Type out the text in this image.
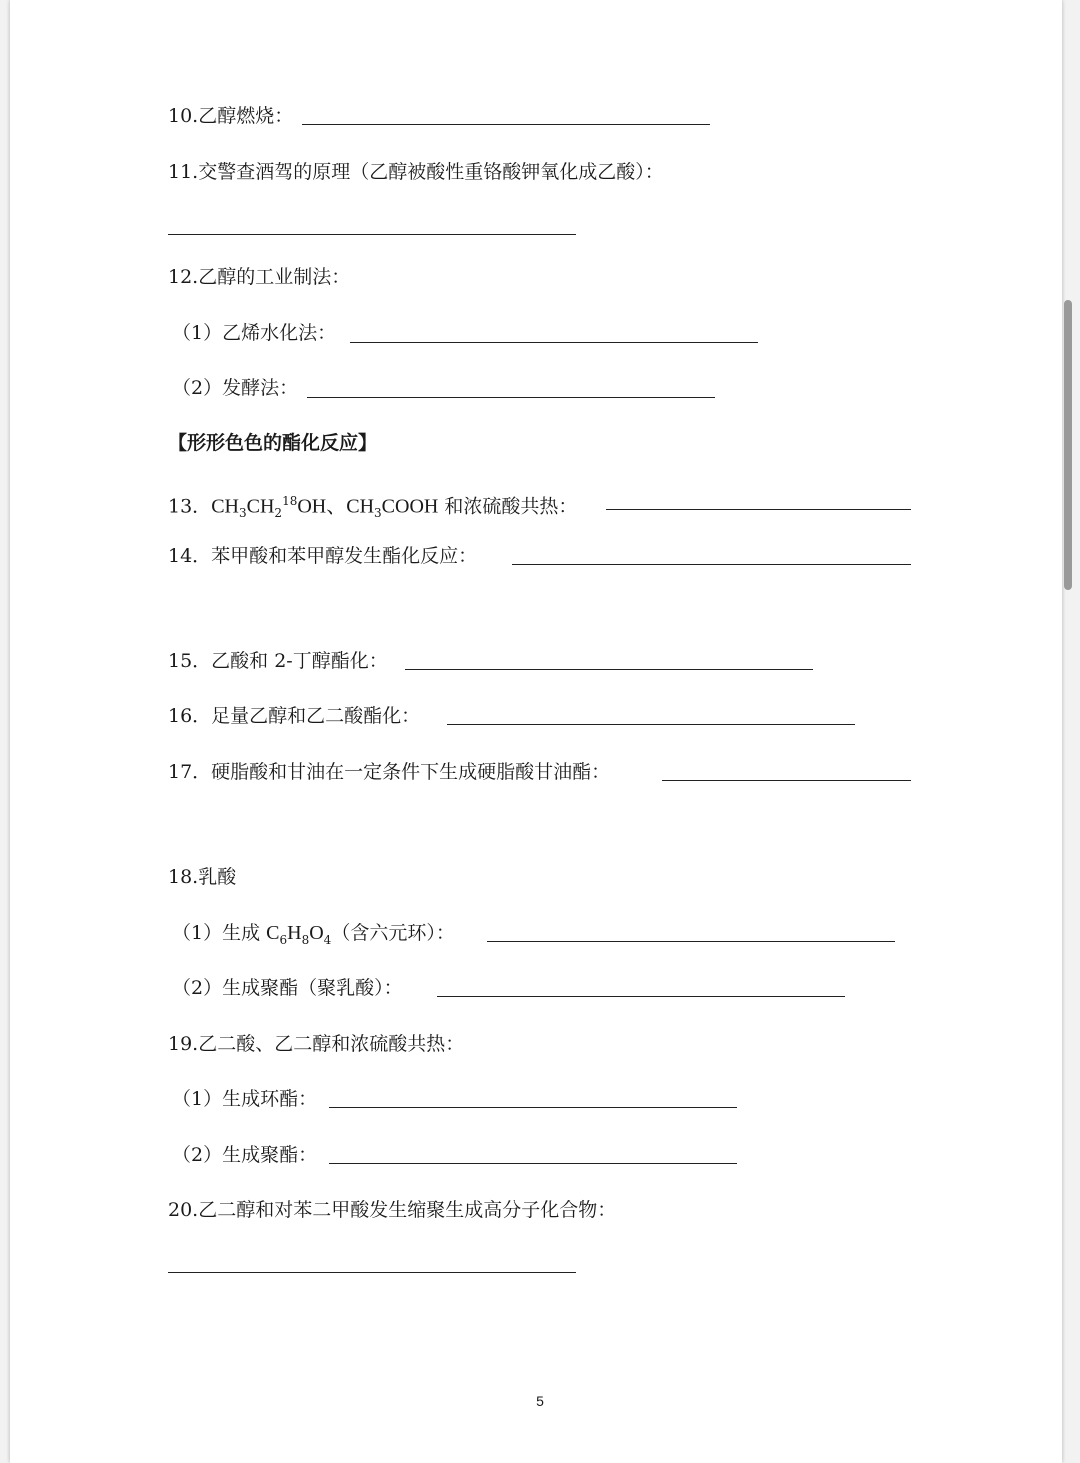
10.乙醇燃烧：
11.交警查酒驾的原理（乙醇被酸性重铬酸钾氧化成乙酸）：
12.乙醇的工业制法：
（1）乙烯水化法：
（2）发酵法：
【形形色色的酯化反应】
13．$CH_3CH_2^{18}OH$、$CH_3COOH$ 和浓硫酸共热：
14．苯甲酸和苯甲醇发生酯化反应：
15．乙酸和 2-丁醇酯化：
16．足量乙醇和乙二酸酯化：
17．硬脂酸和甘油在一定条件下生成硬脂酸甘油酯：
18.乳酸
（1）生成 $C_6H_8O_4$（含六元环）：
（2）生成聚酯（聚乳酸）：
19.乙二酸、乙二醇和浓硫酸共热：
（1）生成环酯：
（2）生成聚酯：
20.乙二醇和对苯二甲酸发生缩聚生成高分子化合物：
5
